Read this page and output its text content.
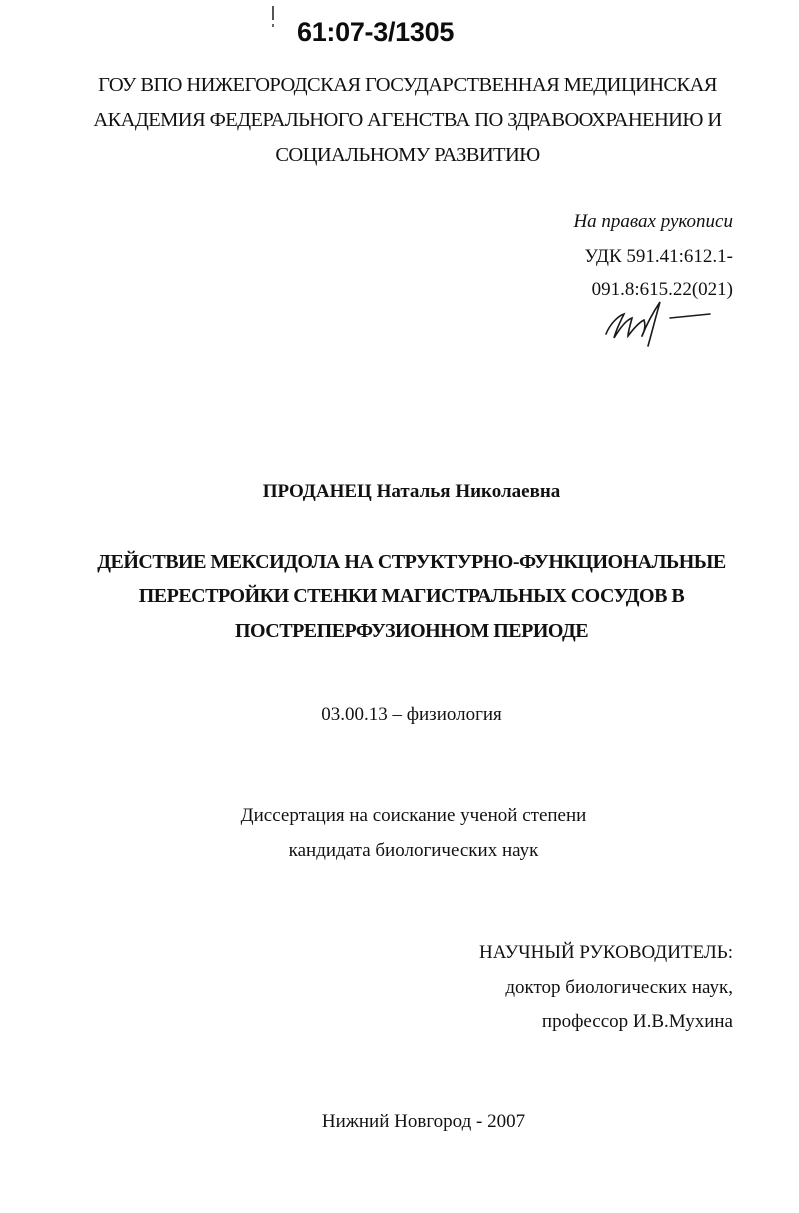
61:07-3/1305
ГОУ ВПО НИЖЕГОРОДСКАЯ ГОСУДАРСТВЕННАЯ МЕДИЦИНСКАЯ
АКАДЕМИЯ ФЕДЕРАЛЬНОГО АГЕНСТВА ПО ЗДРАВООХРАНЕНИЮ И
СОЦИАЛЬНОМУ РАЗВИТИЮ
На правах рукописи
УДК 591.41:612.1-
091.8:615.22(021)
ПРОДАНЕЦ Наталья Николаевна
ДЕЙСТВИЕ МЕКСИДОЛА НА СТРУКТУРНО-ФУНКЦИОНАЛЬНЫЕ
ПЕРЕСТРОЙКИ СТЕНКИ МАГИСТРАЛЬНЫХ СОСУДОВ В
ПОСТРЕПЕРФУЗИОННОМ ПЕРИОДЕ
03.00.13 – физиология
Диссертация на соискание ученой степени
кандидата биологических наук
НАУЧНЫЙ РУКОВОДИТЕЛЬ:
доктор биологических наук,
профессор И.В.Мухина
Нижний Новгород - 2007
